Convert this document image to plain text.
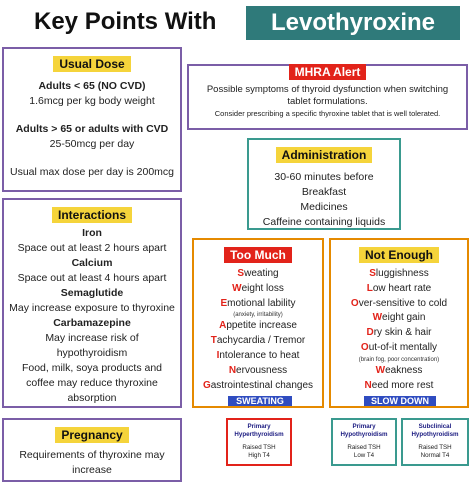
Key Points With	Levothyroxine
Usual Dose
Adults < 65 (NO CVD)
1.6mcg per kg body weight
Adults > 65 or adults with CVD
25-50mcg per day
Usual max dose per day is 200mcg
MHRA Alert
Possible symptoms of thyroid dysfunction when switching
tablet formulations.
Consider prescribing a specific thyroxine tablet that is well tolerated.
Administration
30-60 minutes before
Breakfast
Medicines
Caffeine containing liquids
Interactions
Iron
Space out at least 2 hours apart
Calcium
Space out at least 4 hours apart
Semaglutide
May increase exposure to thyroxine
Carbamazepine
May increase risk of
hypothyroidism
Food, milk, soya products and
coffee may reduce thyroxine
absorption
Too Much
Sweating
Weight loss
Emotional lability
(anxiety, irritability)
Appetite increase
Tachycardia / Tremor
Intolerance to heat
Nervousness
Gastrointestinal changes
SWEATING
Not Enough
Sluggishness
Low heart rate
Over-sensitive to cold
Weight gain
Dry skin & hair
Out-of-it mentally
(brain fog, poor concentration)
Weakness
Need more rest
SLOW DOWN
Pregnancy
Requirements of thyroxine may
increase
Primary
Hyperthyroidism
Raised TSH
High T4
Primary
Hypothyroidism
Raised TSH
Low T4
Subclinical
Hypothyroidism
Raised TSH
Normal T4
